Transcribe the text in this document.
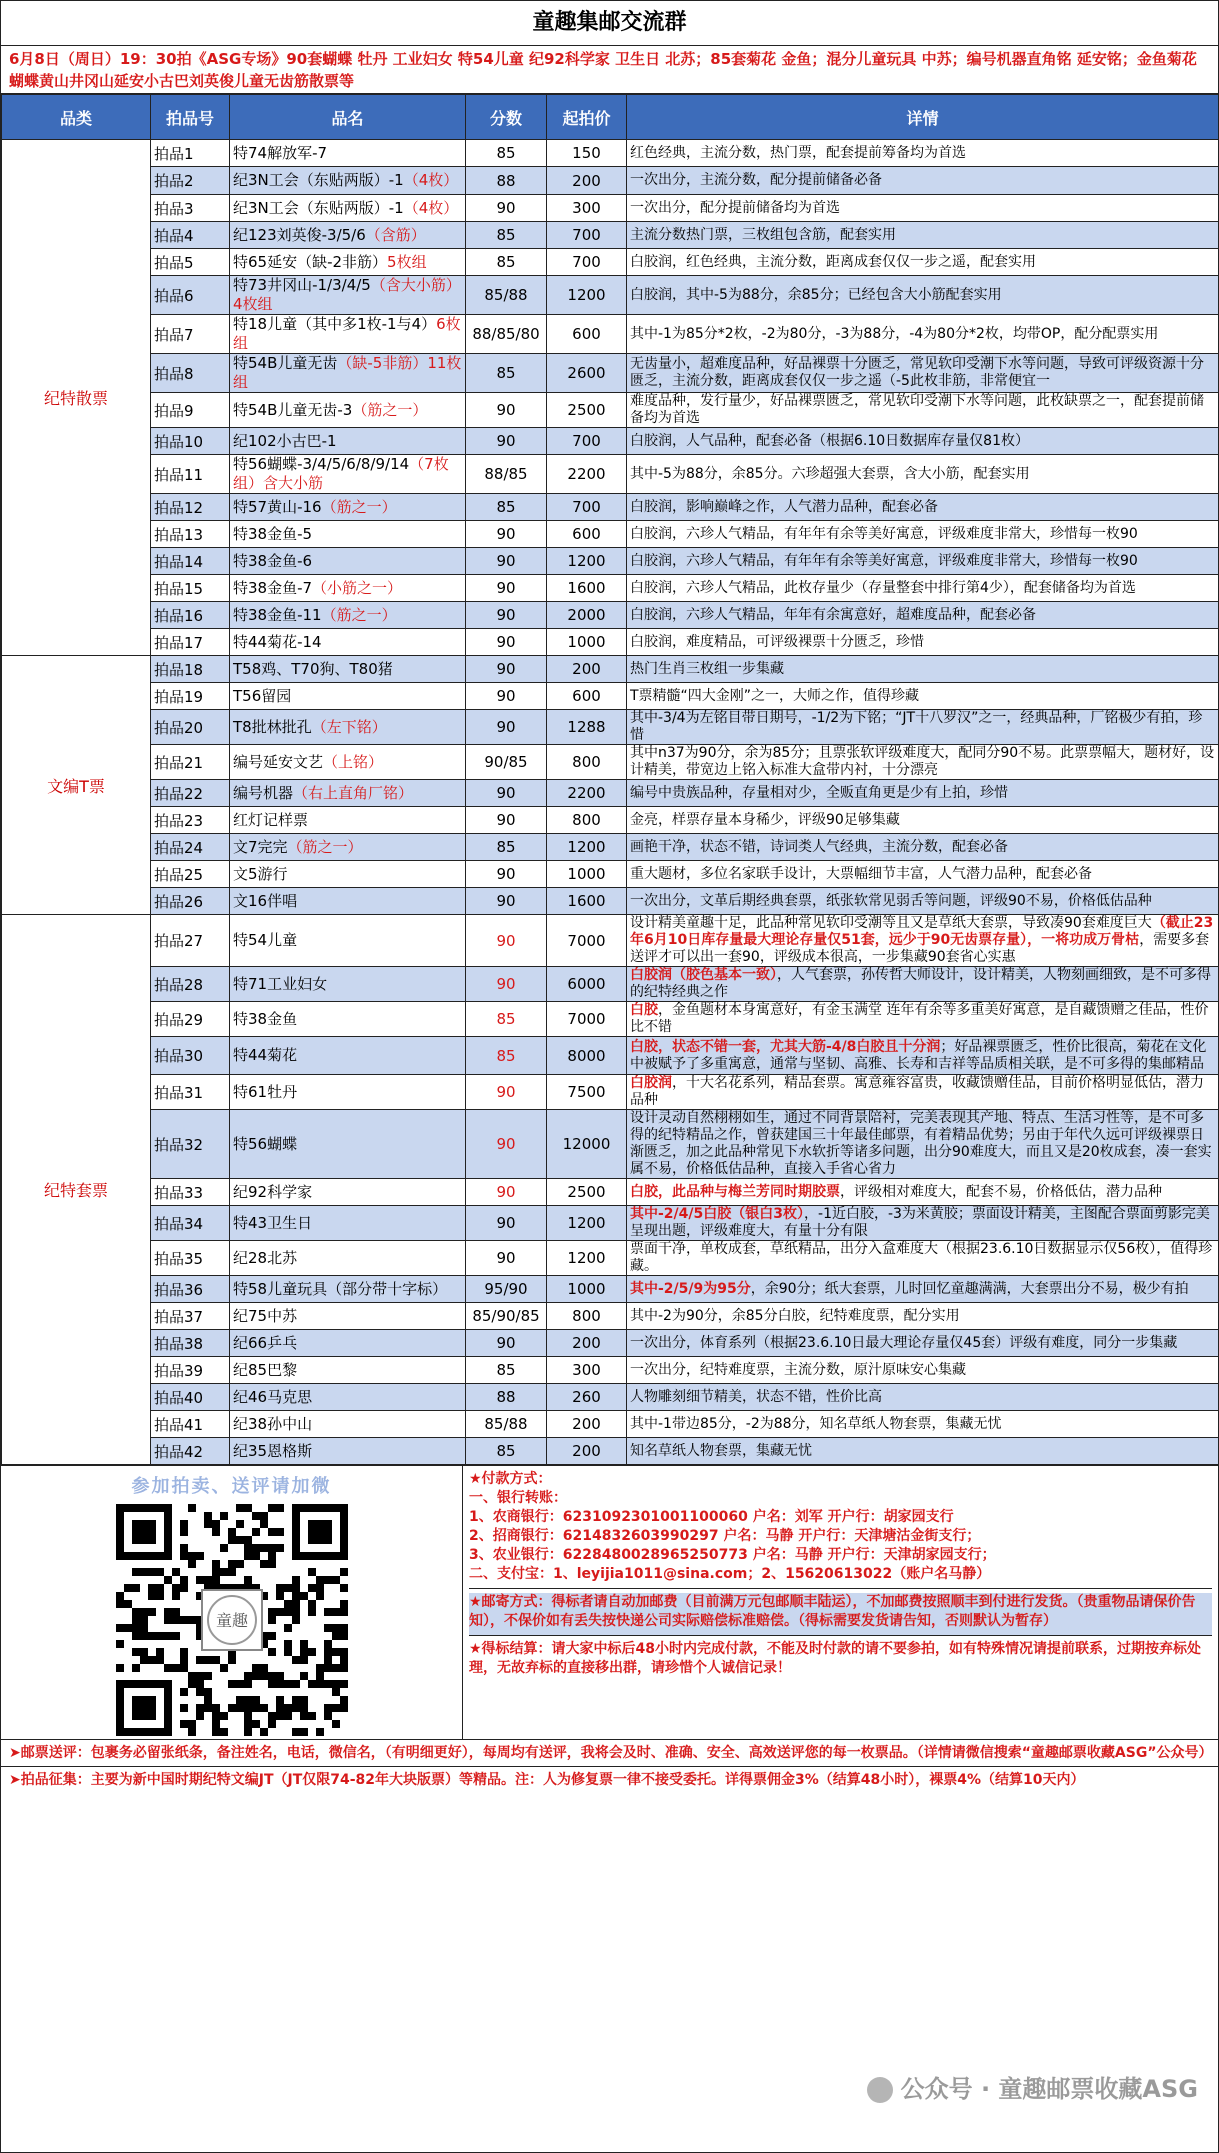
童趣集邮交流群
6月8日（周日）19：30拍《ASG专场》90套蝴蝶 牡丹 工业妇女 特54儿童 纪92科学家 卫生日 北苏；85套菊花 金鱼；混分儿童玩具 中苏；编号机器直角铭 延安铭；金鱼菊花蝴蝶黄山井冈山延安小古巴刘英俊儿童无齿筋散票等
品类	拍品号	品名	分数	起拍价	详情
纪特散票	拍品1	特74解放军-7	85	150	红色经典，主流分数，热门票，配套提前筹备均为首选
	拍品2	纪3N工会（东贴两版）-1（4枚）	88	200	一次出分，主流分数，配分提前储备必备
	拍品3	纪3N工会（东贴两版）-1（4枚）	90	300	一次出分，配分提前储备均为首选
	拍品4	纪123刘英俊-3/5/6（含筋）	85	700	主流分数热门票，三枚组包含筋，配套实用
	拍品5	特65延安（缺-2非筋）5枚组	85	700	白胶润，红色经典，主流分数，距离成套仅仅一步之遥，配套实用
	拍品6	特73井冈山-1/3/4/5（含大小筋）4枚组	85/88	1200	白胶润，其中-5为88分，余85分；已经包含大小筋配套实用
	拍品7	特18儿童（其中多1枚-1与4）6枚组	88/85/80	600	其中-1为85分*2枚，-2为80分，-3为88分，-4为80分*2枚，均带OP，配分配票实用
	拍品8	特54B儿童无齿（缺-5非筋）11枚组	85	2600	无齿量小，超难度品种，好品裸票十分匮乏，常见软印受潮下水等问题，导致可评级资源十分匮乏，主流分数，距离成套仅仅一步之遥（-5此枚非筋，非常便宜一
	拍品9	特54B儿童无齿-3（筋之一）	90	2500	难度品种，发行量少，好品裸票匮乏，常见软印受潮下水等问题，此枚缺票之一，配套提前储备均为首选
	拍品10	纪102小古巴-1	90	700	白胶润，人气品种，配套必备（根据6.10日数据库存量仅81枚）
	拍品11	特56蝴蝶-3/4/5/6/8/9/14（7枚组）含大小筋	88/85	2200	其中-5为88分，余85分。六珍超强大套票，含大小筋，配套实用
	拍品12	特57黄山-16（筋之一）	85	700	白胶润，影响巅峰之作，人气潜力品种，配套必备
	拍品13	特38金鱼-5	90	600	白胶润，六珍人气精品，有年年有余等美好寓意，评级难度非常大，珍惜每一枚90
	拍品14	特38金鱼-6	90	1200	白胶润，六珍人气精品，有年年有余等美好寓意，评级难度非常大，珍惜每一枚90
	拍品15	特38金鱼-7（小筋之一）	90	1600	白胶润，六珍人气精品，此枚存量少（存量整套中排行第4少），配套储备均为首选
	拍品16	特38金鱼-11（筋之一）	90	2000	白胶润，六珍人气精品，年年有余寓意好，超难度品种，配套必备
	拍品17	特44菊花-14	90	1000	白胶润，难度精品，可评级裸票十分匮乏，珍惜
文编T票	拍品18	T58鸡、T70狗、T80猪	90	200	热门生肖三枚组一步集藏
	拍品19	T56留园	90	600	T票精髓“四大金刚”之一，大师之作，值得珍藏
	拍品20	T8批林批孔（左下铭）	90	1288	其中-3/4为左铭目带日期号，-1/2为下铭；“JT十八罗汉”之一，经典品种，厂铭极少有拍，珍惜
	拍品21	编号延安文艺（上铭）	90/85	800	其中n37为90分，余为85分；且票张软评级难度大，配同分90不易。此票票幅大，题材好，设计精美，带宽边上铭入标准大盒带内衬，十分漂亮
	拍品22	编号机器（右上直角厂铭）	90	2200	编号中贵族品种，存量相对少，全贩直角更是少有上拍，珍惜
	拍品23	红灯记样票	90	800	金亮，样票存量本身稀少，评级90足够集藏
	拍品24	文7完完（筋之一）	85	1200	画艳干净，状态不错，诗词类人气经典，主流分数，配套必备
	拍品25	文5游行	90	1000	重大题材，多位名家联手设计，大票幅细节丰富，人气潜力品种，配套必备
	拍品26	文16伴唱	90	1600	一次出分，文革后期经典套票，纸张软常见弱舌等问题，评级90不易，价格低估品种
纪特套票	拍品27	特54儿童	90	7000	设计精美童趣十足，此品种常见软印受潮等且又是草纸大套票，导致凑90套难度巨大（截止23年6月10日库存量最大理论存量仅51套，远少于90无齿票存量），一将功成万骨枯，需要多套送评才可以出一套90，评级成本很高，一步集藏90套省心实惠
	拍品28	特71工业妇女	90	6000	白胶润（胶色基本一致），人气套票，孙传哲大师设计，设计精美，人物刻画细致，是不可多得的纪特经典之作
	拍品29	特38金鱼	85	7000	白胶，金鱼题材本身寓意好，有金玉满堂 连年有余等多重美好寓意，是自藏馈赠之佳品，性价比不错
	拍品30	特44菊花	85	8000	白胶，状态不错一套，尤其大筋-4/8白胶且十分润；好品裸票匮乏，性价比很高，菊花在文化中被赋予了多重寓意，通常与坚韧、高雅、长寿和吉祥等品质相关联，是不可多得的集邮精品
	拍品31	特61牡丹	90	7500	白胶润，十大名花系列，精品套票。寓意雍容富贵，收藏馈赠佳品，目前价格明显低估，潜力品种
	拍品32	特56蝴蝶	90	12000	设计灵动自然栩栩如生，通过不同背景陪衬，完美表现其产地、特点、生活习性等，是不可多得的纪特精品之作，曾获建国三十年最佳邮票，有着精品优势；另由于年代久远可评级裸票日渐匮乏，加之此品种常见下水软折等诸多问题，出分90难度大，而且又是20枚成套，凑一套实属不易，价格低估品种，直接入手省心省力
	拍品33	纪92科学家	90	2500	白胶，此品种与梅兰芳同时期胶票，评级相对难度大，配套不易，价格低估，潜力品种
	拍品34	特43卫生日	90	1200	其中-2/4/5白胶（银白3枚），-1近白胶，-3为米黄胶；票面设计精美，主图配合票面剪影完美呈现出题，评级难度大，有量十分有限
	拍品35	纪28北苏	90	1200	票面干净，单枚成套，草纸精品，出分入盒难度大（根据23.6.10日数据显示仅56枚），值得珍藏。
	拍品36	特58儿童玩具（部分带十字标）	95/90	1000	其中-2/5/9为95分，余90分；纸大套票，儿时回忆童趣满满，大套票出分不易，极少有拍
	拍品37	纪75中苏	85/90/85	800	其中-2为90分，余85分白胶，纪特难度票，配分实用
	拍品38	纪66乒乓	90	200	一次出分，体育系列（根据23.6.10日最大理论存量仅45套）评级有难度，同分一步集藏
	拍品39	纪85巴黎	85	300	一次出分，纪特难度票，主流分数，原汁原味安心集藏
	拍品40	纪46马克思	88	260	人物雕刻细节精美，状态不错，性价比高
	拍品41	纪38孙中山	85/88	200	其中-1带边85分，-2为88分，知名草纸人物套票，集藏无忧
	拍品42	纪35恩格斯	85	200	知名草纸人物套票，集藏无忧
参加拍卖、送评请加微
童趣
★付款方式：
一、银行转账：
1、农商银行：6231092301001100060 户名：刘军 开户行：胡家园支行
2、招商银行：6214832603990297 户名：马静 开户行：天津塘沽金街支行；
3、农业银行：6228480028965250773 户名：马静 开户行：天津胡家园支行；
二、支付宝：1、leyijia1011@sina.com；2、15620613022（账户名马静）
★邮寄方式：得标者请自动加邮费（目前满万元包邮顺丰陆运），不加邮费按照顺丰到付进行发货。（贵重物品请保价告知），不保价如有丢失按快递公司实际赔偿标准赔偿。（得标需要发货请告知，否则默认为暂存）
★得标结算：请大家中标后48小时内完成付款，不能及时付款的请不要参拍，如有特殊情况请提前联系，过期按弃标处理，无故弃标的直接移出群，请珍惜个人诚信记录！
➤邮票送评：包裹务必留张纸条，备注姓名，电话，微信名，（有明细更好），每周均有送评，我将会及时、准确、安全、高效送评您的每一枚票品。（详情请微信搜索“童趣邮票收藏ASG”公众号）
➤拍品征集：主要为新中国时期纪特文编JT（JT仅限74-82年大块版票）等精品。注：人为修复票一律不接受委托。详得票佣金3%（结算48小时），裸票4%（结算10天内）
公众号 · 童趣邮票收藏ASG
